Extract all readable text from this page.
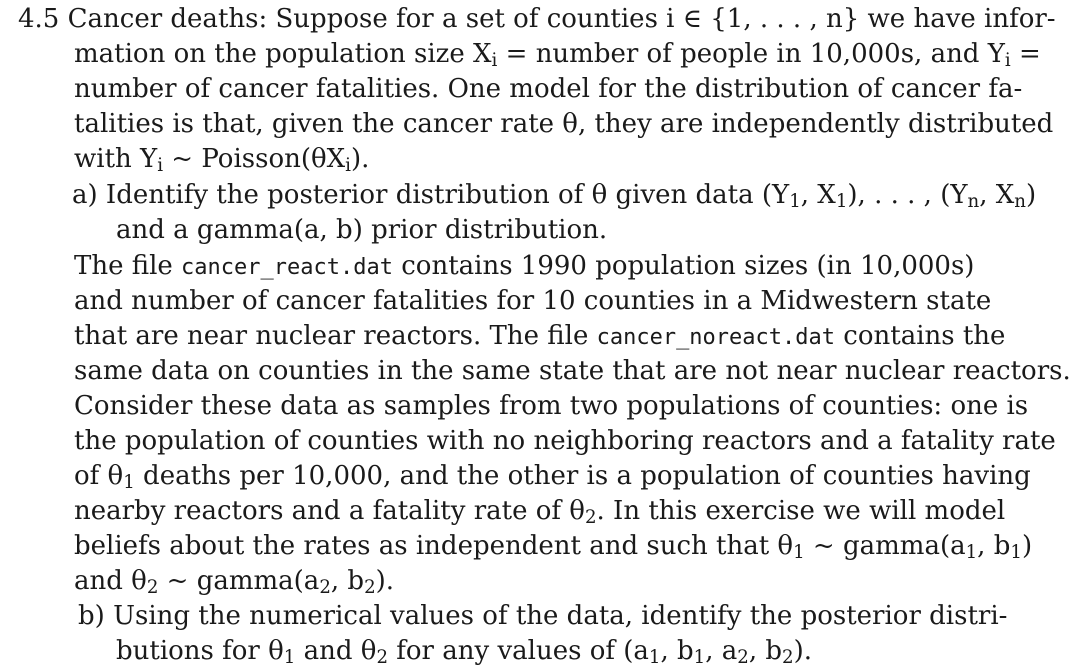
4.5 Cancer deaths: Suppose for a set of counties i ∈ {1, . . . , n} we have infor-
mation on the population size $X_i$ = number of people in 10,000s, and $Y_i$ =
number of cancer fatalities. One model for the distribution of cancer fa-
talities is that, given the cancer rate θ, they are independently distributed
with $Y_i$ ~ $Poisson(\theta X_i)$.
a) Identify the posterior distribution of θ given data ($Y_1$, $X_1$), . . . , ($Y_n$, $X_n$)
and a gamma(a, b) prior distribution.
The file cancer_react.dat contains 1990 population sizes (in 10,000s)
and number of cancer fatalities for 10 counties in a Midwestern state
that are near nuclear reactors. The file cancer_noreact.dat contains the
same data on counties in the same state that are not near nuclear reactors.
Consider these data as samples from two populations of counties: one is
the population of counties with no neighboring reactors and a fatality rate
of $\theta_1$ deaths per 10,000, and the other is a population of counties having
nearby reactors and a fatality rate of $\theta_2$. In this exercise we will model
beliefs about the rates as independent and such that $\theta_1$ ~ $gamma(a_1$, $b_1$)
and $\theta_2$ ~ $gamma(a_2$, $b_2$).
b) Using the numerical values of the data, identify the posterior distri-
butions for $\theta_1$ and $\theta_2$ for any values of ($a_1$, $b_1$, $a_2$, $b_2$).
